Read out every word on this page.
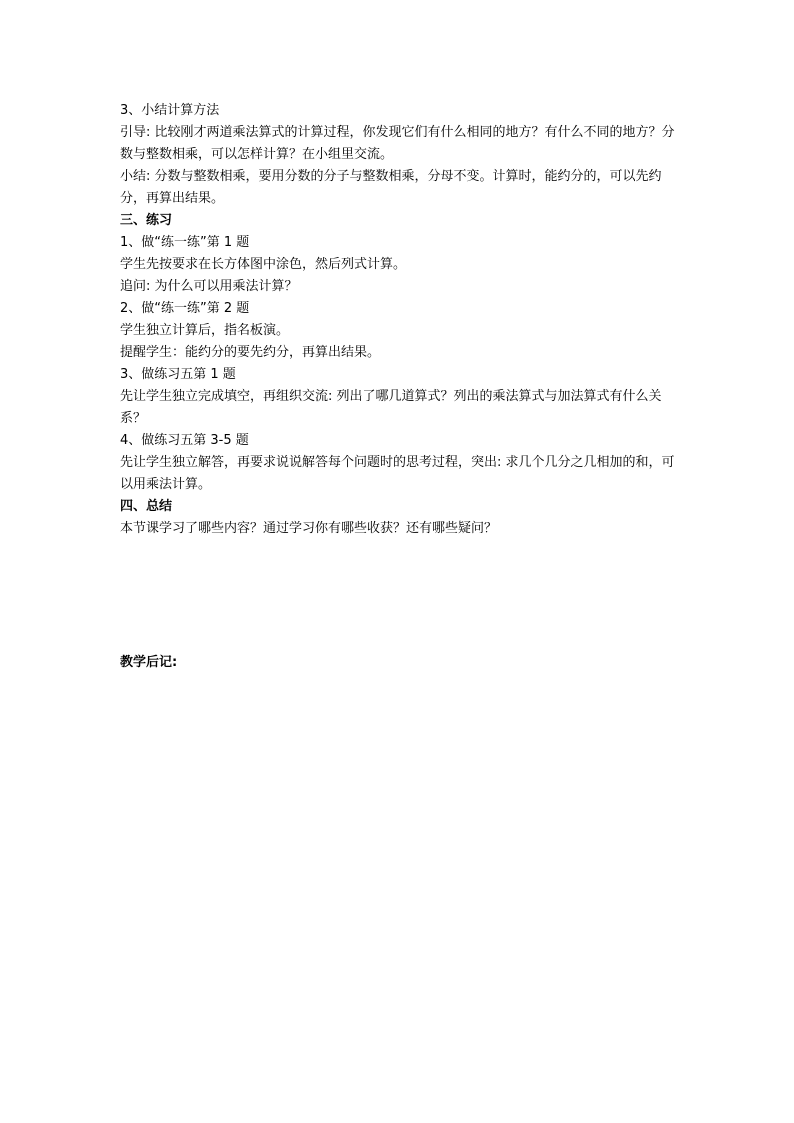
3、小结计算方法

引导: 比较刚才两道乘法算式的计算过程，你发现它们有什么相同的地方？有什么不同的地方？分数与整数相乘，可以怎样计算？在小组里交流。

小结: 分数与整数相乘，要用分数的分子与整数相乘，分母不变。计算时，能约分的，可以先约分，再算出结果。

三、练习

1、做“练一练”第 1 题

学生先按要求在长方体图中涂色，然后列式计算。

追问: 为什么可以用乘法计算？

2、做“练一练”第 2 题

学生独立计算后，指名板演。

提醒学生：能约分的要先约分，再算出结果。

3、做练习五第 1 题

先让学生独立完成填空，再组织交流: 列出了哪几道算式？列出的乘法算式与加法算式有什么关系？

4、做练习五第 3-5 题

先让学生独立解答，再要求说说解答每个问题时的思考过程，突出: 求几个几分之几相加的和，可以用乘法计算。

四、总结

本节课学习了哪些内容？通过学习你有哪些收获？还有哪些疑问？

教学后记:
